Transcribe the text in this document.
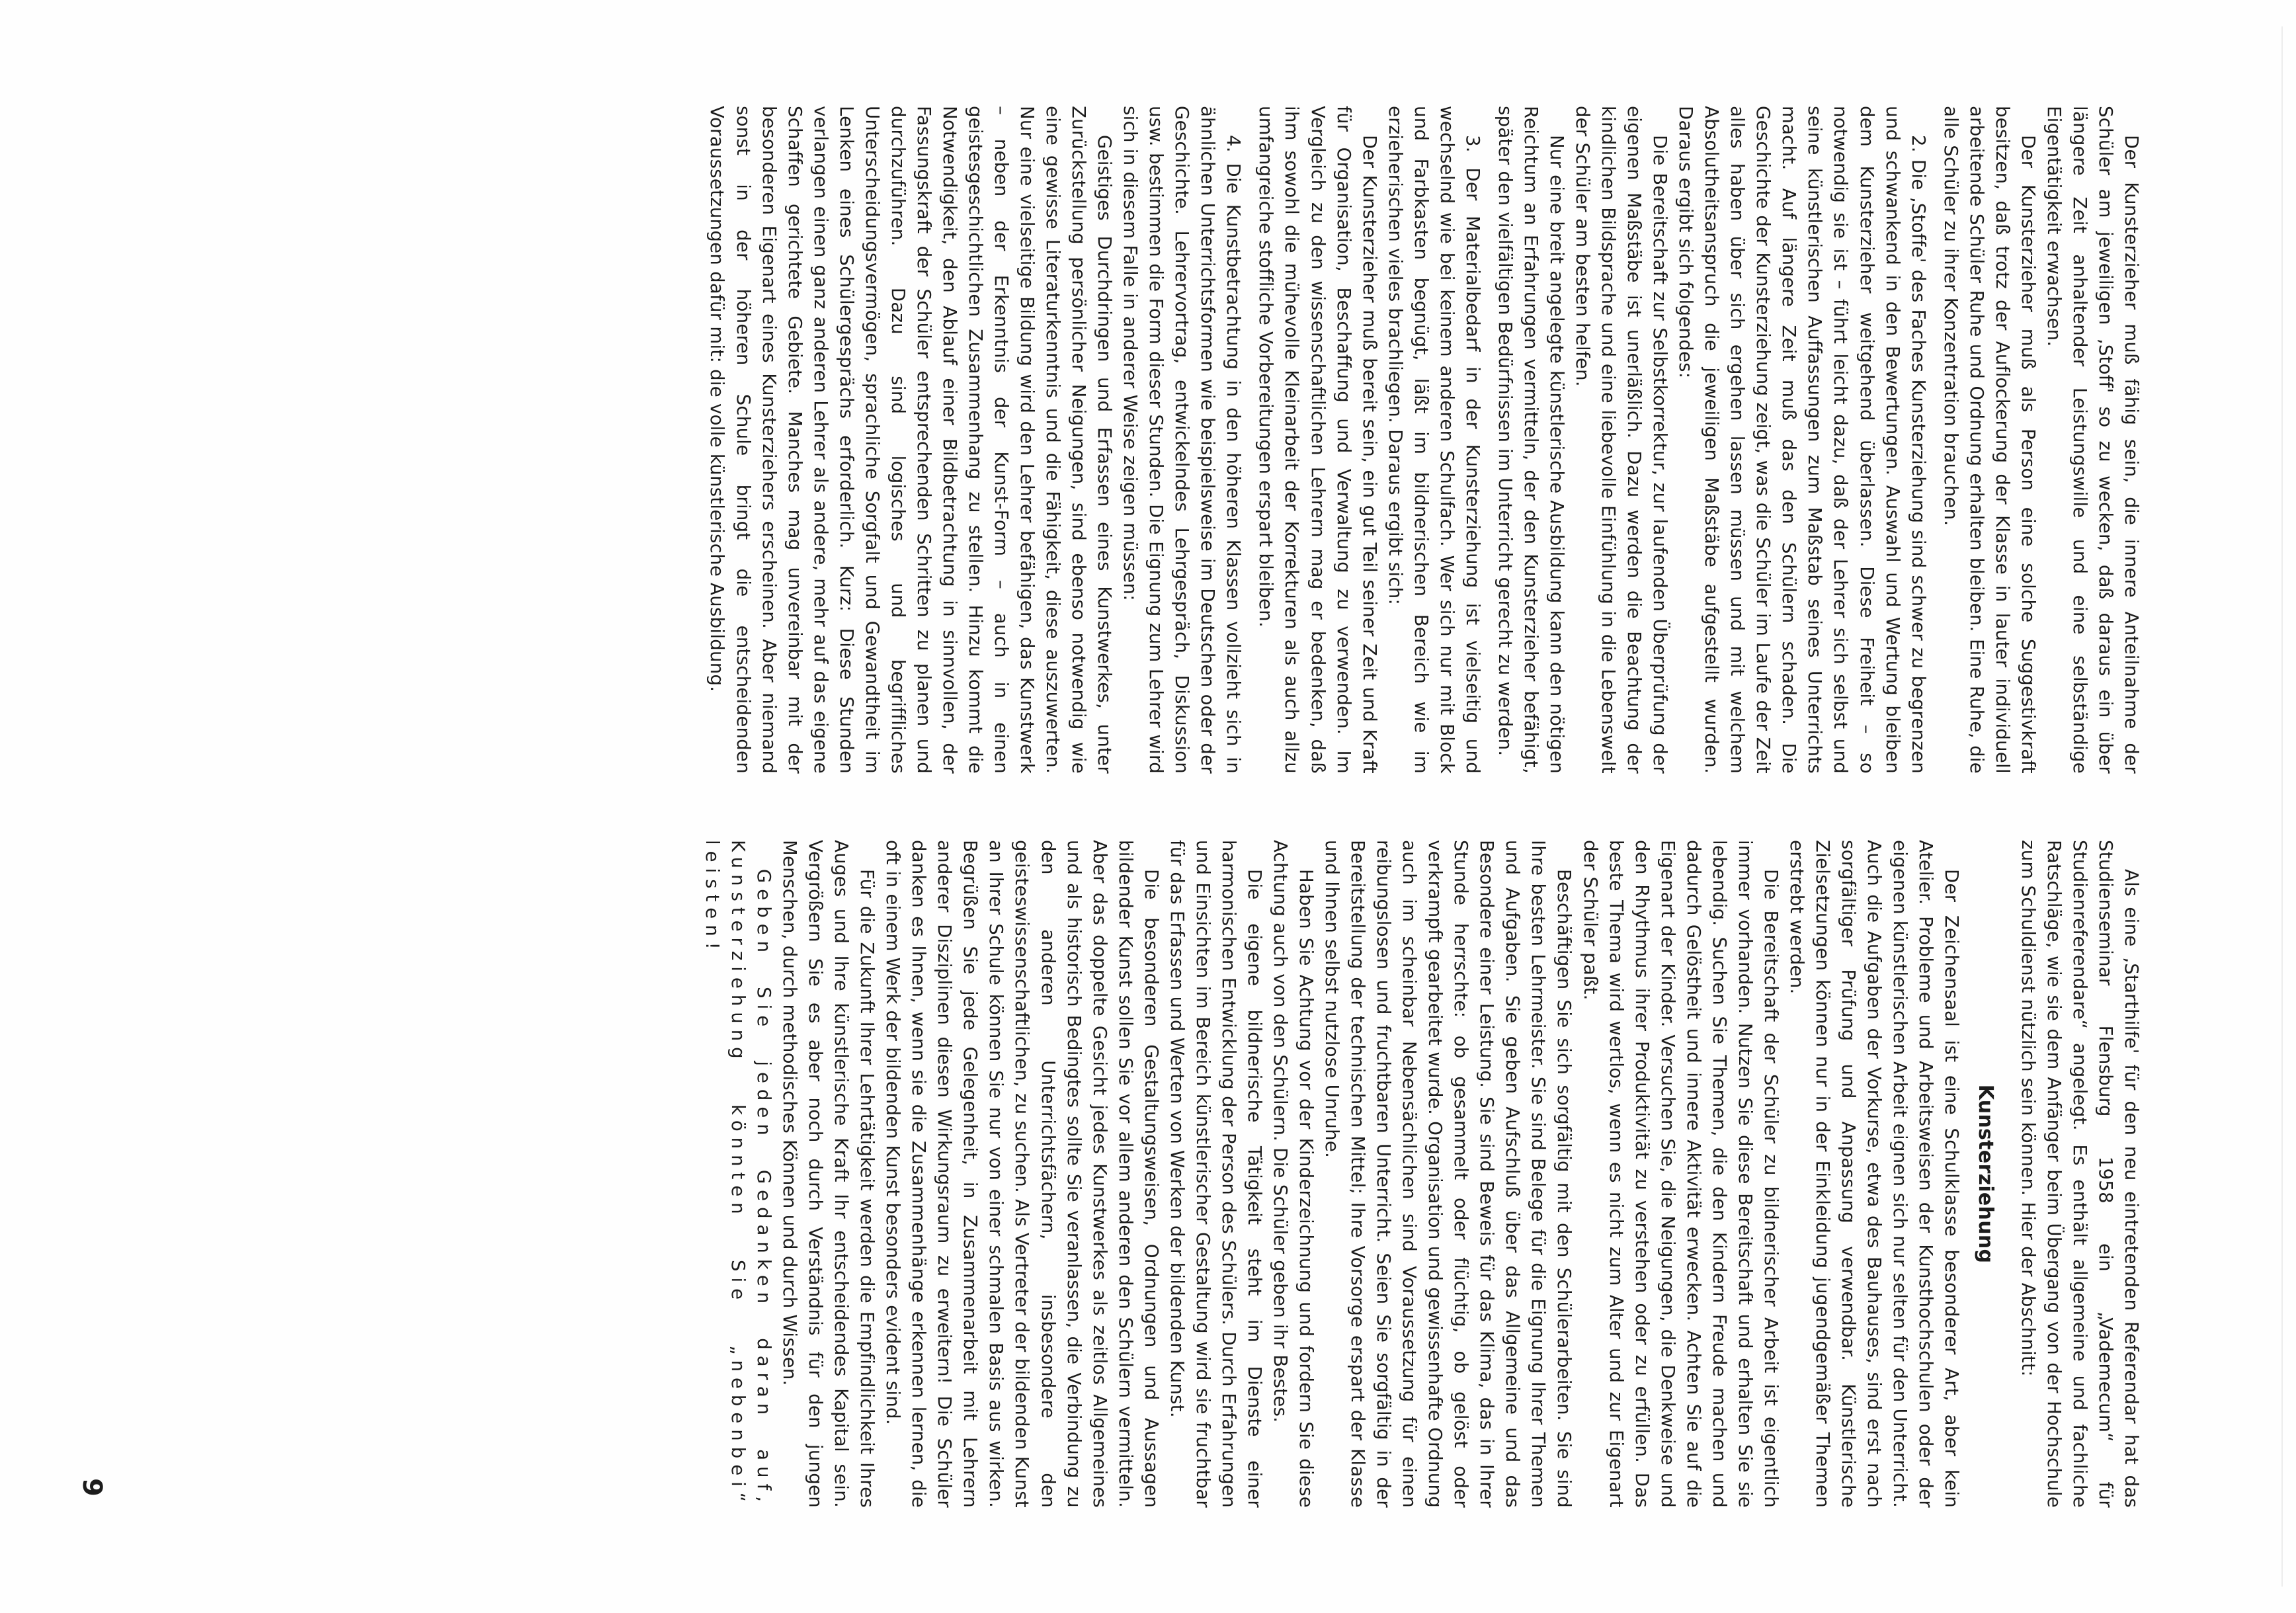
Der Kunsterzieher muß fähig sein, die innere Anteilnahme der Schüler am jeweiligen ‚Stoff' so zu wecken, daß daraus ein über längere Zeit anhaltender Leistungswille und eine selbständige Eigentätigkeit erwachsen.

Der Kunsterzieher muß als Person eine solche Suggestivkraft besitzen, daß trotz der Auflockerung der Klasse in lauter individuell arbeitende Schüler Ruhe und Ordnung erhalten bleiben. Eine Ruhe, die alle Schüler zu ihrer Konzentration brauchen.

2. Die ‚Stoffe' des Faches Kunsterziehung sind schwer zu begrenzen und schwankend in den Bewertungen. Auswahl und Wertung bleiben dem Kunsterzieher weitgehend überlassen. Diese Freiheit – so notwendig sie ist – führt leicht dazu, daß der Lehrer sich selbst und seine künstlerischen Auffassungen zum Maßstab seines Unterrichts macht. Auf längere Zeit muß das den Schülern schaden. Die Geschichte der Kunsterziehung zeigt, was die Schüler im Laufe der Zeit alles haben über sich ergehen lassen müssen und mit welchem Absolutheitsanspruch die jeweiligen Maßstäbe aufgestellt wurden. Daraus ergibt sich folgendes:

Die Bereitschaft zur Selbstkorrektur, zur laufenden Überprüfung der eigenen Maßstäbe ist unerläßlich. Dazu werden die Beachtung der kindlichen Bildsprache und eine liebevolle Einfühlung in die Lebenswelt der Schüler am besten helfen.

Nur eine breit angelegte künstlerische Ausbildung kann den nötigen Reichtum an Erfahrungen vermitteln, der den Kunsterzieher befähigt, später den vielfältigen Bedürfnissen im Unterricht gerecht zu werden.

3. Der Materialbedarf in der Kunsterziehung ist vielseitig und wechselnd wie bei keinem anderen Schulfach. Wer sich nur mit Block und Farbkasten begnügt, läßt im bildnerischen Bereich wie im erzieherischen vieles brachliegen. Daraus ergibt sich:

Der Kunsterzieher muß bereit sein, ein gut Teil seiner Zeit und Kraft für Organisation, Beschaffung und Verwaltung zu verwenden. Im Vergleich zu den wissenschaftlichen Lehrern mag er bedenken, daß ihm sowohl die mühevolle Kleinarbeit der Korrekturen als auch allzu umfangreiche stoffliche Vorbereitungen erspart bleiben.

4. Die Kunstbetrachtung in den höheren Klassen vollzieht sich in ähnlichen Unterrichtsformen wie beispielsweise im Deutschen oder der Geschichte. Lehrervortrag, entwickelndes Lehrgespräch, Diskussion usw. bestimmen die Form dieser Stunden. Die Eignung zum Lehrer wird sich in diesem Falle in anderer Weise zeigen müssen:

Geistiges Durchdringen und Erfassen eines Kunstwerkes, unter Zurückstellung persönlicher Neigungen, sind ebenso notwendig wie eine gewisse Literaturkenntnis und die Fähigkeit, diese auszuwerten. Nur eine vielseitige Bildung wird den Lehrer befähigen, das Kunstwerk – neben der Erkenntnis der Kunst-Form – auch in einen geistesgeschichtlichen Zusammenhang zu stellen. Hinzu kommt die Notwendigkeit, den Ablauf einer Bildbetrachtung in sinnvollen, der Fassungskraft der Schüler entsprechenden Schritten zu planen und durchzuführen. Dazu sind logisches und begriffliches Unterscheidungsvermögen, sprachliche Sorgfalt und Gewandtheit im Lenken eines Schülergesprächs erforderlich. Kurz: Diese Stunden verlangen einen ganz anderen Lehrer als andere, mehr auf das eigene Schaffen gerichtete Gebiete. Manches mag unvereinbar mit der besonderen Eigenart eines Kunsterziehers erscheinen. Aber niemand sonst in der höheren Schule bringt die entscheidenden Voraussetzungen dafür mit: die volle künstlerische Ausbildung.

Als eine ‚Starthilfe' für den neu eintretenden Referendar hat das Studienseminar Flensburg 1958 ein „Vademecum“ für Studienreferendare“ angelegt. Es enthält allgemeine und fachliche Ratschläge, wie sie dem Anfänger beim Übergang von der Hochschule zum Schuldienst nützlich sein können. Hier der Abschnitt:

Kunsterziehung

Der Zeichensaal ist eine Schulklasse besonderer Art, aber kein Atelier. Probleme und Arbeitsweisen der Kunsthochschulen oder der eigenen künstlerischen Arbeit eignen sich nur selten für den Unterricht. Auch die Aufgaben der Vorkurse, etwa des Bauhauses, sind erst nach sorgfältiger Prüfung und Anpassung verwendbar. Künstlerische Zielsetzungen können nur in der Einkleidung jugendgemäßer Themen erstrebt werden.

Die Bereitschaft der Schüler zu bildnerischer Arbeit ist eigentlich immer vorhanden. Nutzen Sie diese Bereitschaft und erhalten Sie sie lebendig. Suchen Sie Themen, die den Kindern Freude machen und dadurch Gelöstheit und innere Aktivität erwecken. Achten Sie auf die Eigenart der Kinder. Versuchen Sie, die Neigungen, die Denkweise und den Rhythmus ihrer Produktivität zu verstehen oder zu erfüllen. Das beste Thema wird wertlos, wenn es nicht zum Alter und zur Eigenart der Schüler paßt.

Beschäftigen Sie sich sorgfältig mit den Schülerarbeiten. Sie sind Ihre besten Lehrmeister. Sie sind Belege für die Eignung Ihrer Themen und Aufgaben. Sie geben Aufschluß über das Allgemeine und das Besondere einer Leistung. Sie sind Beweis für das Klima, das in Ihrer Stunde herrschte: ob gesammelt oder flüchtig, ob gelöst oder verkrampft gearbeitet wurde. Organisation und gewissenhafte Ordnung auch im scheinbar Nebensächlichen sind Voraussetzung für einen reibungslosen und fruchtbaren Unterricht. Seien Sie sorgfältig in der Bereitstellung der technischen Mittel; Ihre Vorsorge erspart der Klasse und Ihnen selbst nutzlose Unruhe.

Haben Sie Achtung vor der Kinderzeichnung und fordern Sie diese Achtung auch von den Schülern. Die Schüler geben ihr Bestes.

Die eigene bildnerische Tätigkeit steht im Dienste einer harmonischen Entwicklung der Person des Schülers. Durch Erfahrungen und Einsichten im Bereich künstlerischer Gestaltung wird sie fruchtbar für das Erfassen und Werten von Werken der bildenden Kunst.

Die besonderen Gestaltungsweisen, Ordnungen und Aussagen bildender Kunst sollen Sie vor allem anderen den Schülern vermitteln. Aber das doppelte Gesicht jedes Kunstwerkes als zeitlos Allgemeines und als historisch Bedingtes sollte Sie veranlassen, die Verbindung zu den anderen Unterrichtsfächern, insbesondere den geisteswissenschaftlichen, zu suchen. Als Vertreter der bildenden Kunst an Ihrer Schule können Sie nur von einer schmalen Basis aus wirken. Begrüßen Sie jede Gelegenheit, in Zusammenarbeit mit Lehrern anderer Disziplinen diesen Wirkungsraum zu erweitern! Die Schüler danken es Ihnen, wenn sie die Zusammenhänge erkennen lernen, die oft in einem Werk der bildenden Kunst besonders evident sind.

Für die Zukunft Ihrer Lehrtätigkeit werden die Empfindlichkeit Ihres Auges und Ihre künstlerische Kraft Ihr entscheidendes Kapital sein. Vergrößern Sie es aber noch durch Verständnis für den jungen Menschen, durch methodisches Können und durch Wissen.

Geben Sie jeden Gedanken daran auf, Kunsterziehung könnten Sie „nebenbei“ leisten!

9
